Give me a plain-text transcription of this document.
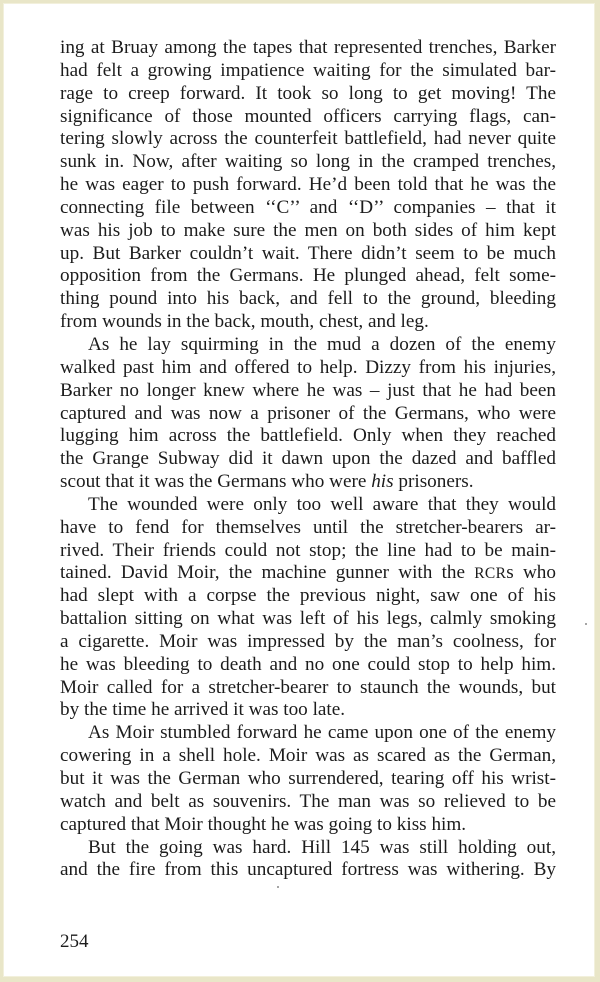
ing at Bruay among the tapes that represented trenches, Barker
had felt a growing impatience waiting for the simulated bar-
rage to creep forward. It took so long to get moving! The
significance of those mounted officers carrying flags, can-
tering slowly across the counterfeit battlefield, had never quite
sunk in. Now, after waiting so long in the cramped trenches,
he was eager to push forward. He’d been told that he was the
connecting file between ‘‘C’’ and ‘‘D’’ companies – that it
was his job to make sure the men on both sides of him kept
up. But Barker couldn’t wait. There didn’t seem to be much
opposition from the Germans. He plunged ahead, felt some-
thing pound into his back, and fell to the ground, bleeding
from wounds in the back, mouth, chest, and leg.
As he lay squirming in the mud a dozen of the enemy
walked past him and offered to help. Dizzy from his injuries,
Barker no longer knew where he was – just that he had been
captured and was now a prisoner of the Germans, who were
lugging him across the battlefield. Only when they reached
the Grange Subway did it dawn upon the dazed and baffled
scout that it was the Germans who were his prisoners.
The wounded were only too well aware that they would
have to fend for themselves until the stretcher-bearers ar-
rived. Their friends could not stop; the line had to be main-
tained. David Moir, the machine gunner with the RCRs who
had slept with a corpse the previous night, saw one of his
battalion sitting on what was left of his legs, calmly smoking
a cigarette. Moir was impressed by the man’s coolness, for
he was bleeding to death and no one could stop to help him.
Moir called for a stretcher-bearer to staunch the wounds, but
by the time he arrived it was too late.
As Moir stumbled forward he came upon one of the enemy
cowering in a shell hole. Moir was as scared as the German,
but it was the German who surrendered, tearing off his wrist-
watch and belt as souvenirs. The man was so relieved to be
captured that Moir thought he was going to kiss him.
But the going was hard. Hill 145 was still holding out,
and the fire from this uncaptured fortress was withering. By
254
